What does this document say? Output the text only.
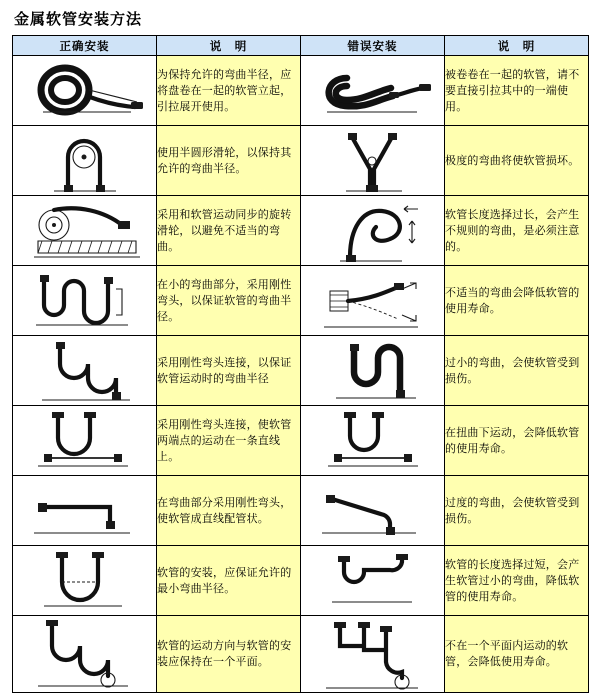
金属软管安装方法
正确安装	说　明	错误安装	说　明

	为保持允许的弯曲半径，应将盘卷在一起的软管立起，引拉展开使用。		被卷卷在一起的软管，请不要直接引拉其中的一端使用。

	使用半圆形滑轮，以保持其允许的弯曲半径。		极度的弯曲将使软管损坏。

	采用和软管运动同步的旋转滑轮，以避免不适当的弯曲。		软管长度选择过长，会产生不规则的弯曲，是必须注意的。

	在小的弯曲部分，采用刚性弯头，以保证软管的弯曲半径。		不适当的弯曲会降低软管的使用寿命。

	采用刚性弯头连接，以保证软管运动时的弯曲半径		过小的弯曲，会使软管受到损伤。

	采用刚性弯头连接，使软管两端点的运动在一条直线上。		在扭曲下运动，会降低软管的使用寿命。

	在弯曲部分采用刚性弯头，使软管成直线配管状。		过度的弯曲，会使软管受到损伤。

	软管的安装，应保证允许的最小弯曲半径。		软管的长度选择过短，会产生软管过小的弯曲，降低软管的使用寿命。

	软管的运动方向与软管的安装应保持在一个平面。		不在一个平面内运动的软管，会降低使用寿命。
